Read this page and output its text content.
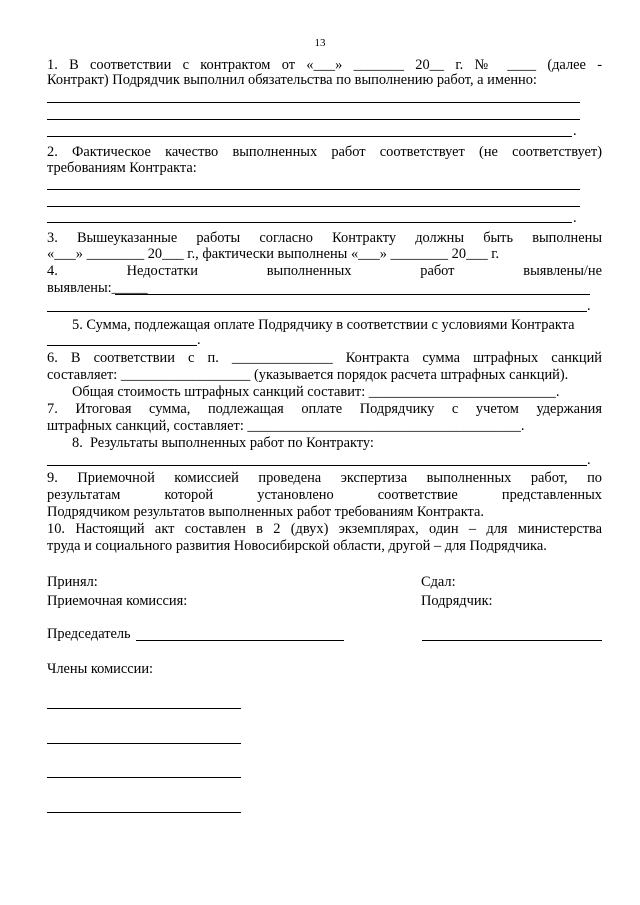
13
1. В соответствии с контрактом от «___» _______ 20__ г. № ____ (далее -
Контракт) Подрядчик выполнил обязательства по выполнению работ, а именно:
.
2. Фактическое качество выполненных работ соответствует (не соответствует)
требованиям Контракта:
.
3. Вышеуказанные работы согласно Контракту должны быть выполнены
«___» ________ 20___ г., фактически выполнены «___» ________ 20___ г.
4. Недостатки выполненных работ выявлены/не
выявлены:_____
.
5. Сумма, подлежащая оплате Подрядчику в соответствии с условиями Контракта
.
6. В соответствии с п. ______________ Контракта сумма штрафных санкций
составляет: __________________ (указывается порядок расчета штрафных санкций).
Общая стоимость штрафных санкций составит: __________________________.
7. Итоговая сумма, подлежащая оплате Подрядчику с учетом удержания
штрафных санкций, составляет: ______________________________________.
8.  Результаты выполненных работ по Контракту:
.
9. Приемочной комиссией проведена экспертиза выполненных работ, по
результатам которой установлено соответствие представленных
Подрядчиком результатов выполненных работ требованиям Контракта.
10. Настоящий акт составлен в 2 (двух) экземплярах, один – для министерства
труда и социального развития Новосибирской области, другой – для Подрядчика.
Принял:
Приемочная комиссия:
Сдал:
Подрядчик:
Председатель
Члены комиссии:
